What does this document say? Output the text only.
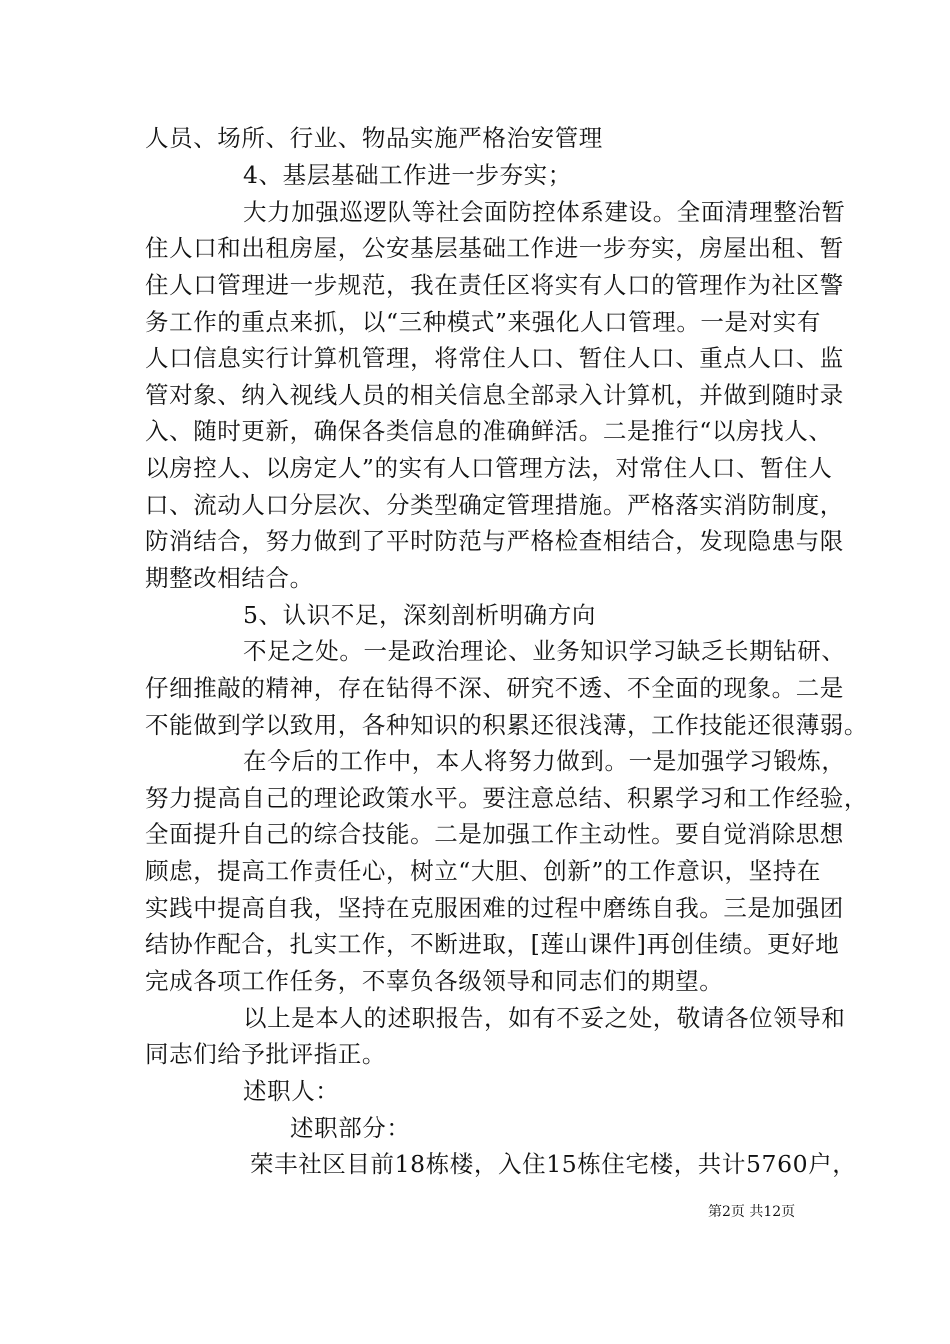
人员、场所、行业、物品实施严格治安管理
4、基层基础工作进一步夯实；
大力加强巡逻队等社会面防控体系建设。全面清理整治暂
住人口和出租房屋，公安基层基础工作进一步夯实，房屋出租、暂
住人口管理进一步规范，我在责任区将实有人口的管理作为社区警
务工作的重点来抓，以“三种模式”来强化人口管理。一是对实有
人口信息实行计算机管理，将常住人口、暂住人口、重点人口、监
管对象、纳入视线人员的相关信息全部录入计算机，并做到随时录
入、随时更新，确保各类信息的准确鲜活。二是推行“以房找人、
以房控人、以房定人”的实有人口管理方法，对常住人口、暂住人
口、流动人口分层次、分类型确定管理措施。严格落实消防制度，
防消结合，努力做到了平时防范与严格检查相结合，发现隐患与限
期整改相结合。
5、认识不足，深刻剖析明确方向
不足之处。一是政治理论、业务知识学习缺乏长期钻研、
仔细推敲的精神，存在钻得不深、研究不透、不全面的现象。二是
不能做到学以致用，各种知识的积累还很浅薄，工作技能还很薄弱。
在今后的工作中，本人将努力做到。一是加强学习锻炼，
努力提高自己的理论政策水平。要注意总结、积累学习和工作经验，
全面提升自己的综合技能。二是加强工作主动性。要自觉消除思想
顾虑，提高工作责任心，树立“大胆、创新”的工作意识，坚持在
实践中提高自我，坚持在克服困难的过程中磨练自我。三是加强团
结协作配合，扎实工作，不断进取，[莲山课件]再创佳绩。更好地
完成各项工作任务，不辜负各级领导和同志们的期望。
以上是本人的述职报告，如有不妥之处，敬请各位领导和
同志们给予批评指正。
述职人：
述职部分：
荣丰社区目前18栋楼，入住15栋住宅楼，共计5760户，
第2页 共12页
